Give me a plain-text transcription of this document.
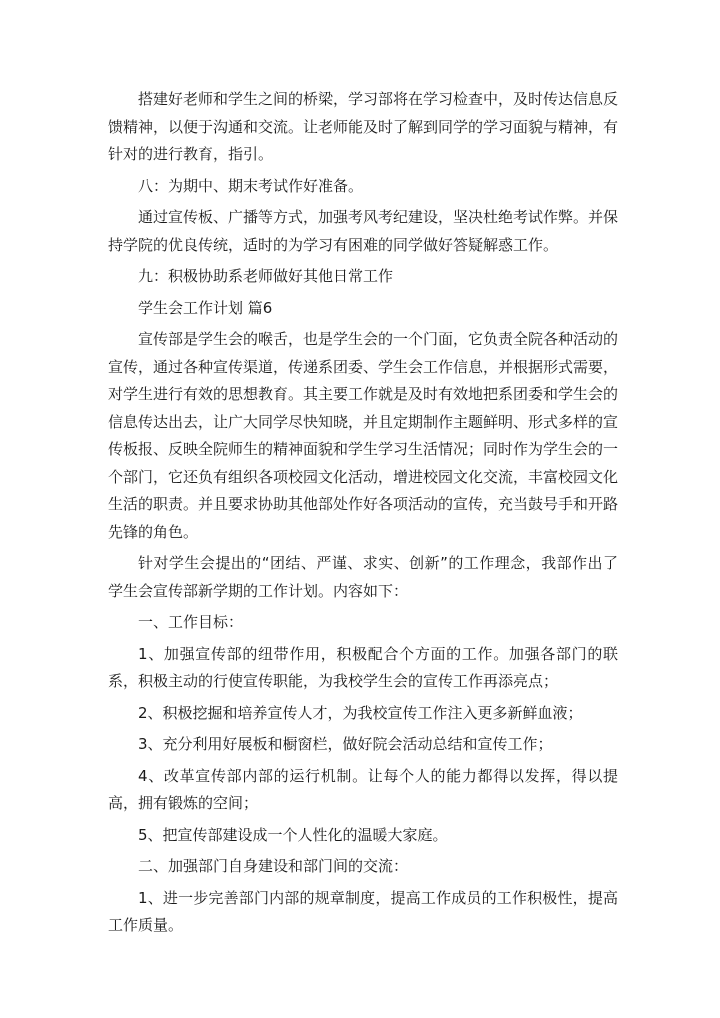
搭建好老师和学生之间的桥梁，学习部将在学习检查中，及时传达信息反馈精神，以便于沟通和交流。让老师能及时了解到同学的学习面貌与精神，有针对的进行教育，指引。

八：为期中、期末考试作好准备。

通过宣传板、广播等方式，加强考风考纪建设，坚决杜绝考试作弊。并保持学院的优良传统，适时的为学习有困难的同学做好答疑解惑工作。

九：积极协助系老师做好其他日常工作

学生会工作计划 篇6

宣传部是学生会的喉舌，也是学生会的一个门面，它负责全院各种活动的宣传，通过各种宣传渠道，传递系团委、学生会工作信息，并根据形式需要，对学生进行有效的思想教育。其主要工作就是及时有效地把系团委和学生会的信息传达出去，让广大同学尽快知晓，并且定期制作主题鲜明、形式多样的宣传板报、反映全院师生的精神面貌和学生学习生活情况；同时作为学生会的一个部门，它还负有组织各项校园文化活动，增进校园文化交流，丰富校园文化生活的职责。并且要求协助其他部处作好各项活动的宣传，充当鼓号手和开路先锋的角色。

针对学生会提出的“团结、严谨、求实、创新”的工作理念，我部作出了学生会宣传部新学期的工作计划。内容如下：

一、工作目标：

1、加强宣传部的纽带作用，积极配合个方面的工作。加强各部门的联系，积极主动的行使宣传职能，为我校学生会的宣传工作再添亮点；

2、积极挖掘和培养宣传人才，为我校宣传工作注入更多新鲜血液；

3、充分利用好展板和橱窗栏，做好院会活动总结和宣传工作；

4、改革宣传部内部的运行机制。让每个人的能力都得以发挥，得以提高，拥有锻炼的空间；

5、把宣传部建设成一个人性化的温暖大家庭。

二、加强部门自身建设和部门间的交流：

1、进一步完善部门内部的规章制度，提高工作成员的工作积极性，提高工作质量。
